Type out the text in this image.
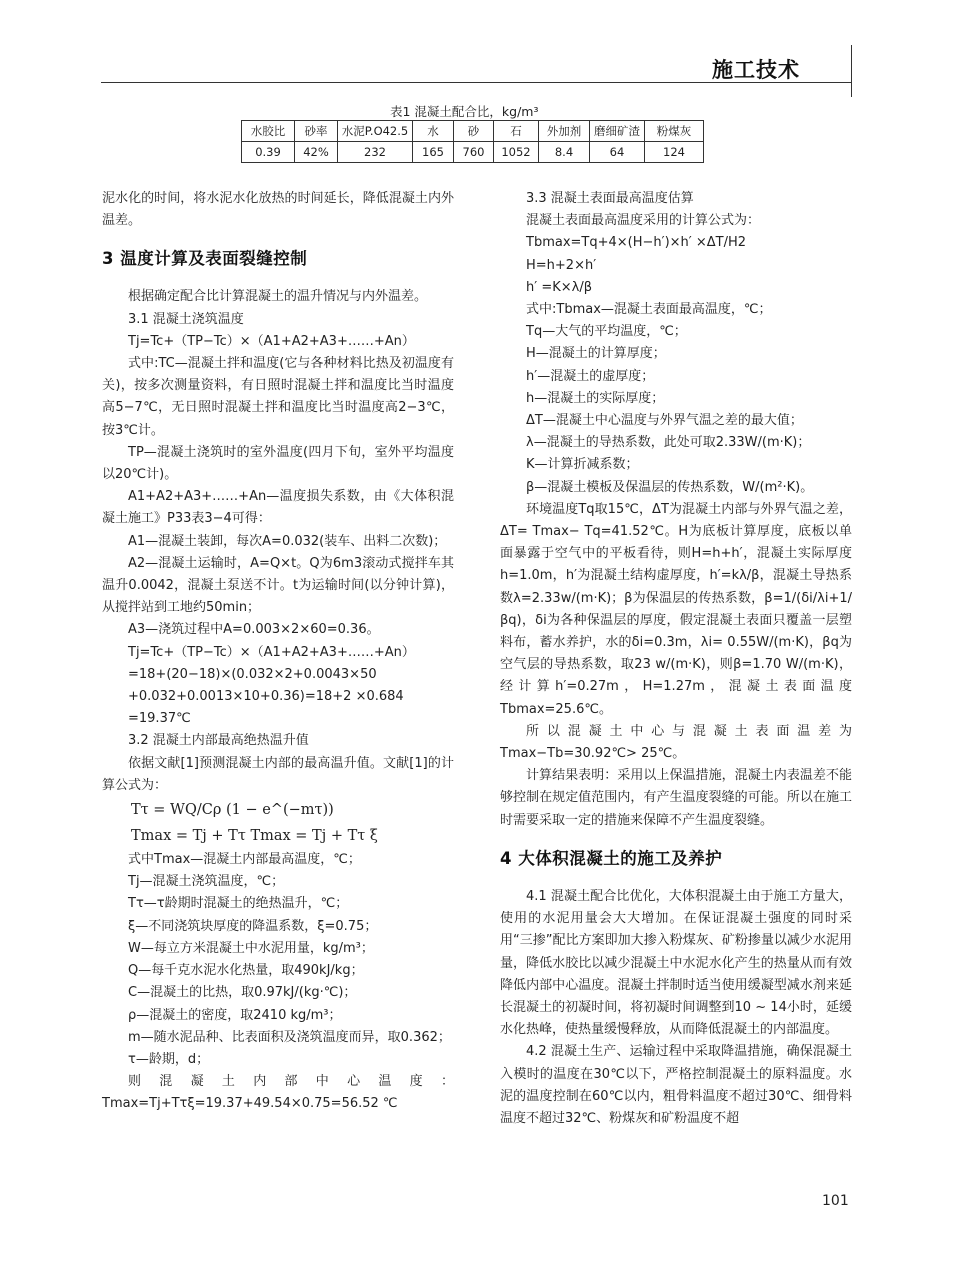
施工技术
表1 混凝土配合比，kg/m³
水胶比	砂率	水泥P.O42.5	水	砂	石	外加剂	磨细矿渣	粉煤灰
0.39	42%	232	165	760	1052	8.4	64	124

泥水化的时间，将水泥水化放热的时间延长，降低混凝土内外温差。

3 温度计算及表面裂缝控制

根据确定配合比计算混凝土的温升情况与内外温差。

3.1 混凝土浇筑温度

Tj=Tc+（TP−Tc）×（A1+A2+A3+……+An）

式中:TC—混凝土拌和温度(它与各种材料比热及初温度有关)，按多次测量资料，有日照时混凝土拌和温度比当时温度高5−7℃，无日照时混凝土拌和温度比当时温度高2−3℃，按3℃计。

TP—混凝土浇筑时的室外温度(四月下旬，室外平均温度以20℃计)。

A1+A2+A3+……+An—温度损失系数，由《大体积混凝土施工》P33表3−4可得：

A1—混凝土装卸，每次A=0.032(装车、出料二次数)；

A2—混凝土运输时，A=Q×t。Q为6m3滚动式搅拌车其温升0.0042，混凝土泵送不计。t为运输时间(以分钟计算)，从搅拌站到工地约50min；

A3—浇筑过程中A=0.003×2×60=0.36。

Tj=Tc+（TP−Tc）×（A1+A2+A3+……+An）

=18+(20−18)×(0.032×2+0.0043×50

+0.032+0.0013×10+0.36)=18+2 ×0.684

=19.37℃

3.2 混凝土内部最高绝热温升值

依据文献[1]预测混凝土内部的最高温升值。文献[1]的计算公式为：

Tτ = WQ/Cρ (1 − e^(−mτ))

Tmax = Tj + Tτ Tmax = Tj + Tτ ξ

式中Tmax—混凝土内部最高温度，℃；

Tj—混凝土浇筑温度，℃；

Tτ—τ龄期时混凝土的绝热温升，℃；

ξ—不同浇筑块厚度的降温系数，ξ=0.75；

W—每立方米混凝土中水泥用量，kg/m³；

Q—每千克水泥水化热量，取490kJ/kg；

C—混凝土的比热，取0.97kJ/(kg·℃)；

ρ—混凝土的密度，取2410 kg/m³；

m—随水泥品种、比表面积及浇筑温度而异，取0.362；

τ—龄期，d；

则混凝土内部中心温度：Tmax=Tj+Tτξ=19.37+49.54×0.75=56.52 ℃

3.3 混凝土表面最高温度估算

混凝土表面最高温度采用的计算公式为：

Tbmax=Tq+4×(H−h′)×h′ ×ΔT/H2

H=h+2×h′

h′ =K×λ/β

式中:Tbmax—混凝土表面最高温度，℃；

Tq—大气的平均温度，℃；

H—混凝土的计算厚度；

h′—混凝土的虚厚度；

h—混凝土的实际厚度；

ΔT—混凝土中心温度与外界气温之差的最大值；

λ—混凝土的导热系数，此处可取2.33W/(m·K)；

K—计算折减系数；

β—混凝土模板及保温层的传热系数，W/(m²·K)。

环境温度Tq取15℃，ΔT为混凝土内部与外界气温之差，ΔT= Tmax− Tq=41.52℃。H为底板计算厚度，底板以单面暴露于空气中的平板看待，则H=h+h′，混凝土实际厚度h=1.0m，h′为混凝土结构虚厚度，h′=kλ/β，混凝土导热系数λ=2.33w/(m·K)；β为保温层的传热系数，β=1/(δi/λi+1/βq)，δi为各种保温层的厚度，假定混凝土表面只覆盖一层塑料布，蓄水养护，水的δi=0.3m，λi= 0.55W/(m·K)，βq为空气层的导热系数，取23 w/(m·K)，则β=1.70 W/(m·K)，经计算h′=0.27m，H=1.27m，混凝土表面温度Tbmax=25.6℃。

所以混凝土中心与混凝土表面温差为Tmax−Tb=30.92℃> 25℃。

计算结果表明：采用以上保温措施，混凝土内表温差不能够控制在规定值范围内，有产生温度裂缝的可能。所以在施工时需要采取一定的措施来保障不产生温度裂缝。

4 大体积混凝土的施工及养护

4.1 混凝土配合比优化，大体积混凝土由于施工方量大，使用的水泥用量会大大增加。在保证混凝土强度的同时采用“三掺”配比方案即加大掺入粉煤灰、矿粉掺量以减少水泥用量，降低水胶比以减少混凝土中水泥水化产生的热量从而有效降低内部中心温度。混凝土拌制时适当使用缓凝型减水剂来延长混凝土的初凝时间，将初凝时间调整到10 ~ 14小时，延缓水化热峰，使热量缓慢释放，从而降低混凝土的内部温度。

4.2 混凝土生产、运输过程中采取降温措施，确保混凝土入模时的温度在30℃以下，严格控制混凝土的原料温度。水泥的温度控制在60℃以内，粗骨料温度不超过30℃、细骨料温度不超过32℃、粉煤灰和矿粉温度不超

101
